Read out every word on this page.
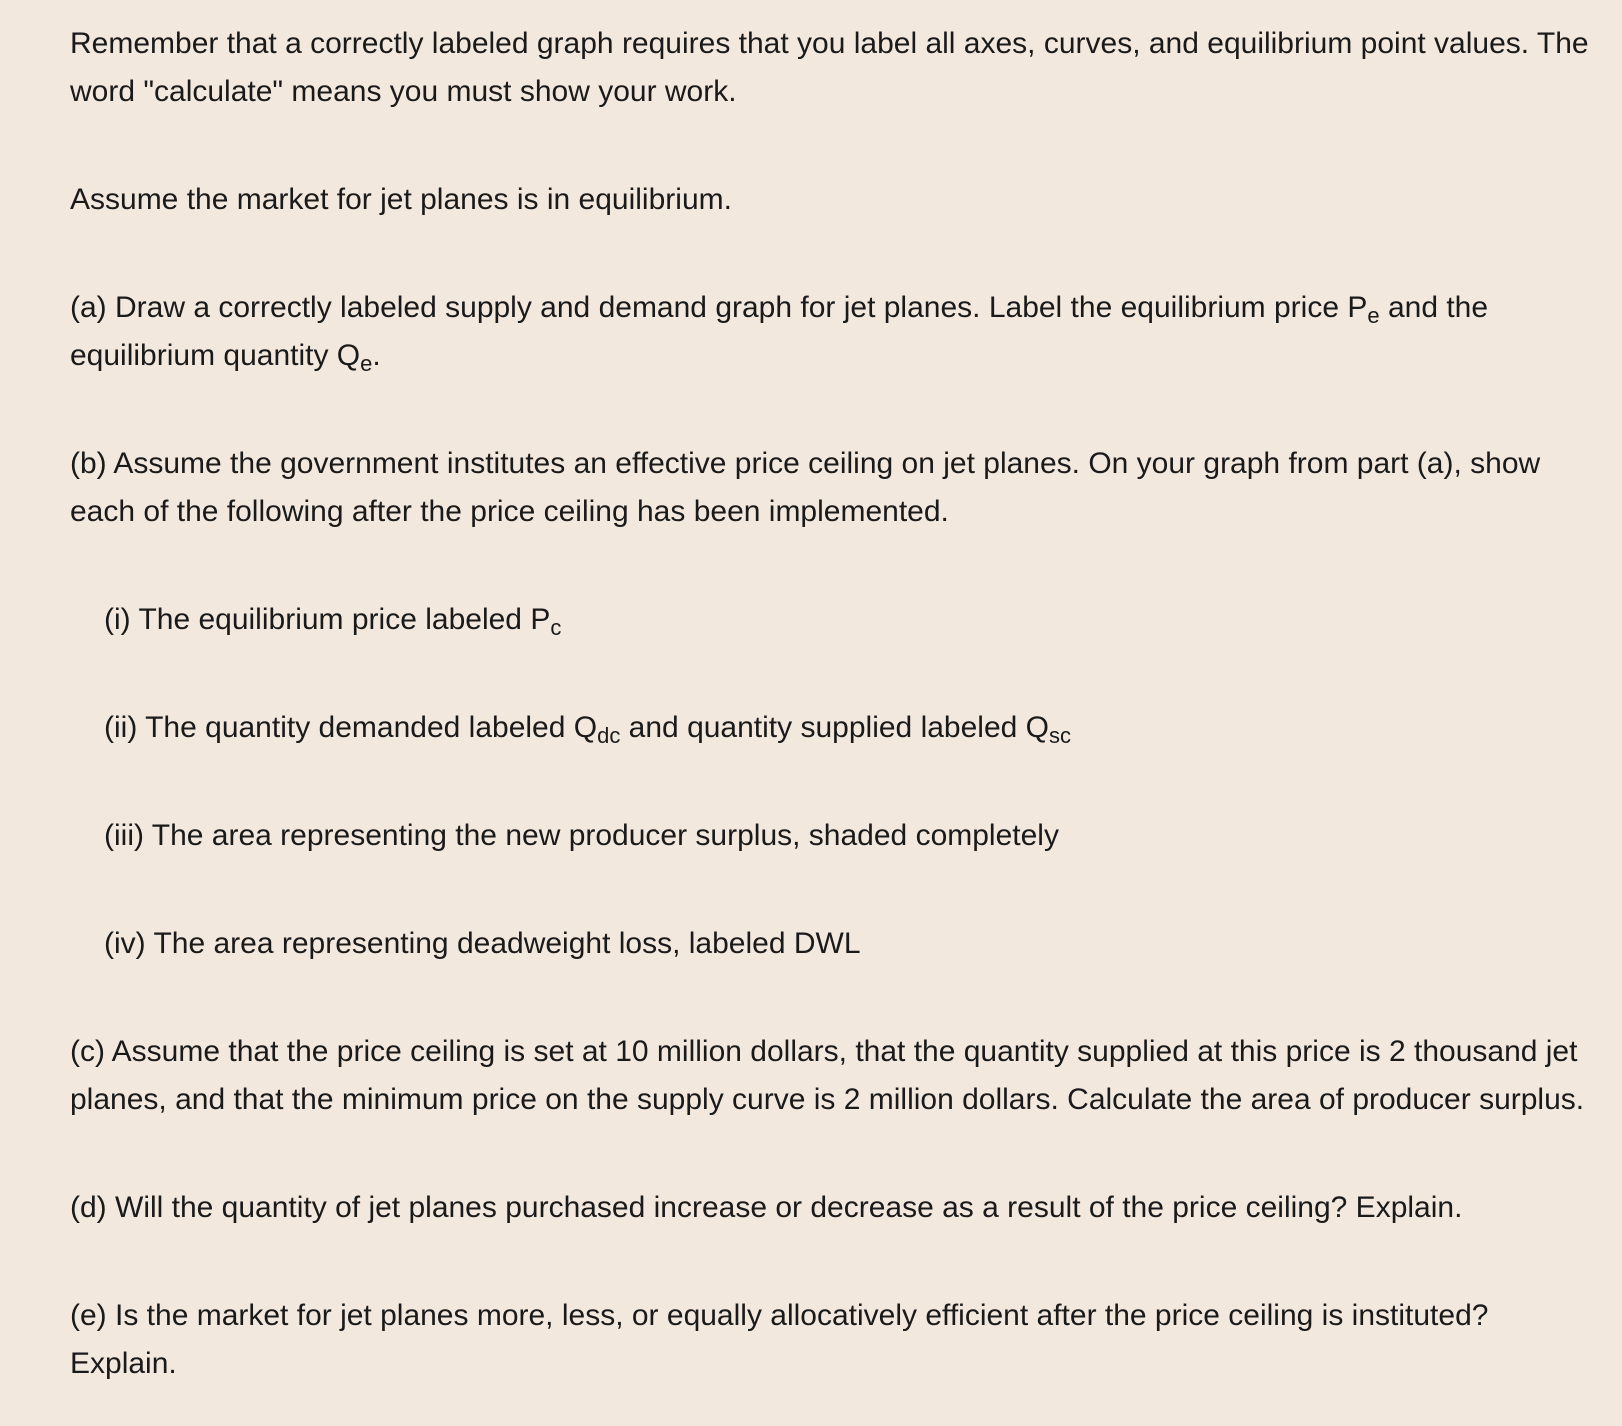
Remember that a correctly labeled graph requires that you label all axes, curves, and equilibrium point values. The word "calculate" means you must show your work.

Assume the market for jet planes is in equilibrium.

(a) Draw a correctly labeled supply and demand graph for jet planes. Label the equilibrium price $P_e$ and the equilibrium quantity $Q_e$.

(b) Assume the government institutes an effective price ceiling on jet planes. On your graph from part (a), show each of the following after the price ceiling has been implemented.

(i) The equilibrium price labeled $P_c$

(ii) The quantity demanded labeled $Q_{dc}$ and quantity supplied labeled $Q_{sc}$

(iii) The area representing the new producer surplus, shaded completely

(iv) The area representing deadweight loss, labeled DWL

(c) Assume that the price ceiling is set at 10 million dollars, that the quantity supplied at this price is 2 thousand jet planes, and that the minimum price on the supply curve is 2 million dollars. Calculate the area of producer surplus.

(d) Will the quantity of jet planes purchased increase or decrease as a result of the price ceiling? Explain.

(e) Is the market for jet planes more, less, or equally allocatively efficient after the price ceiling is instituted? Explain.
